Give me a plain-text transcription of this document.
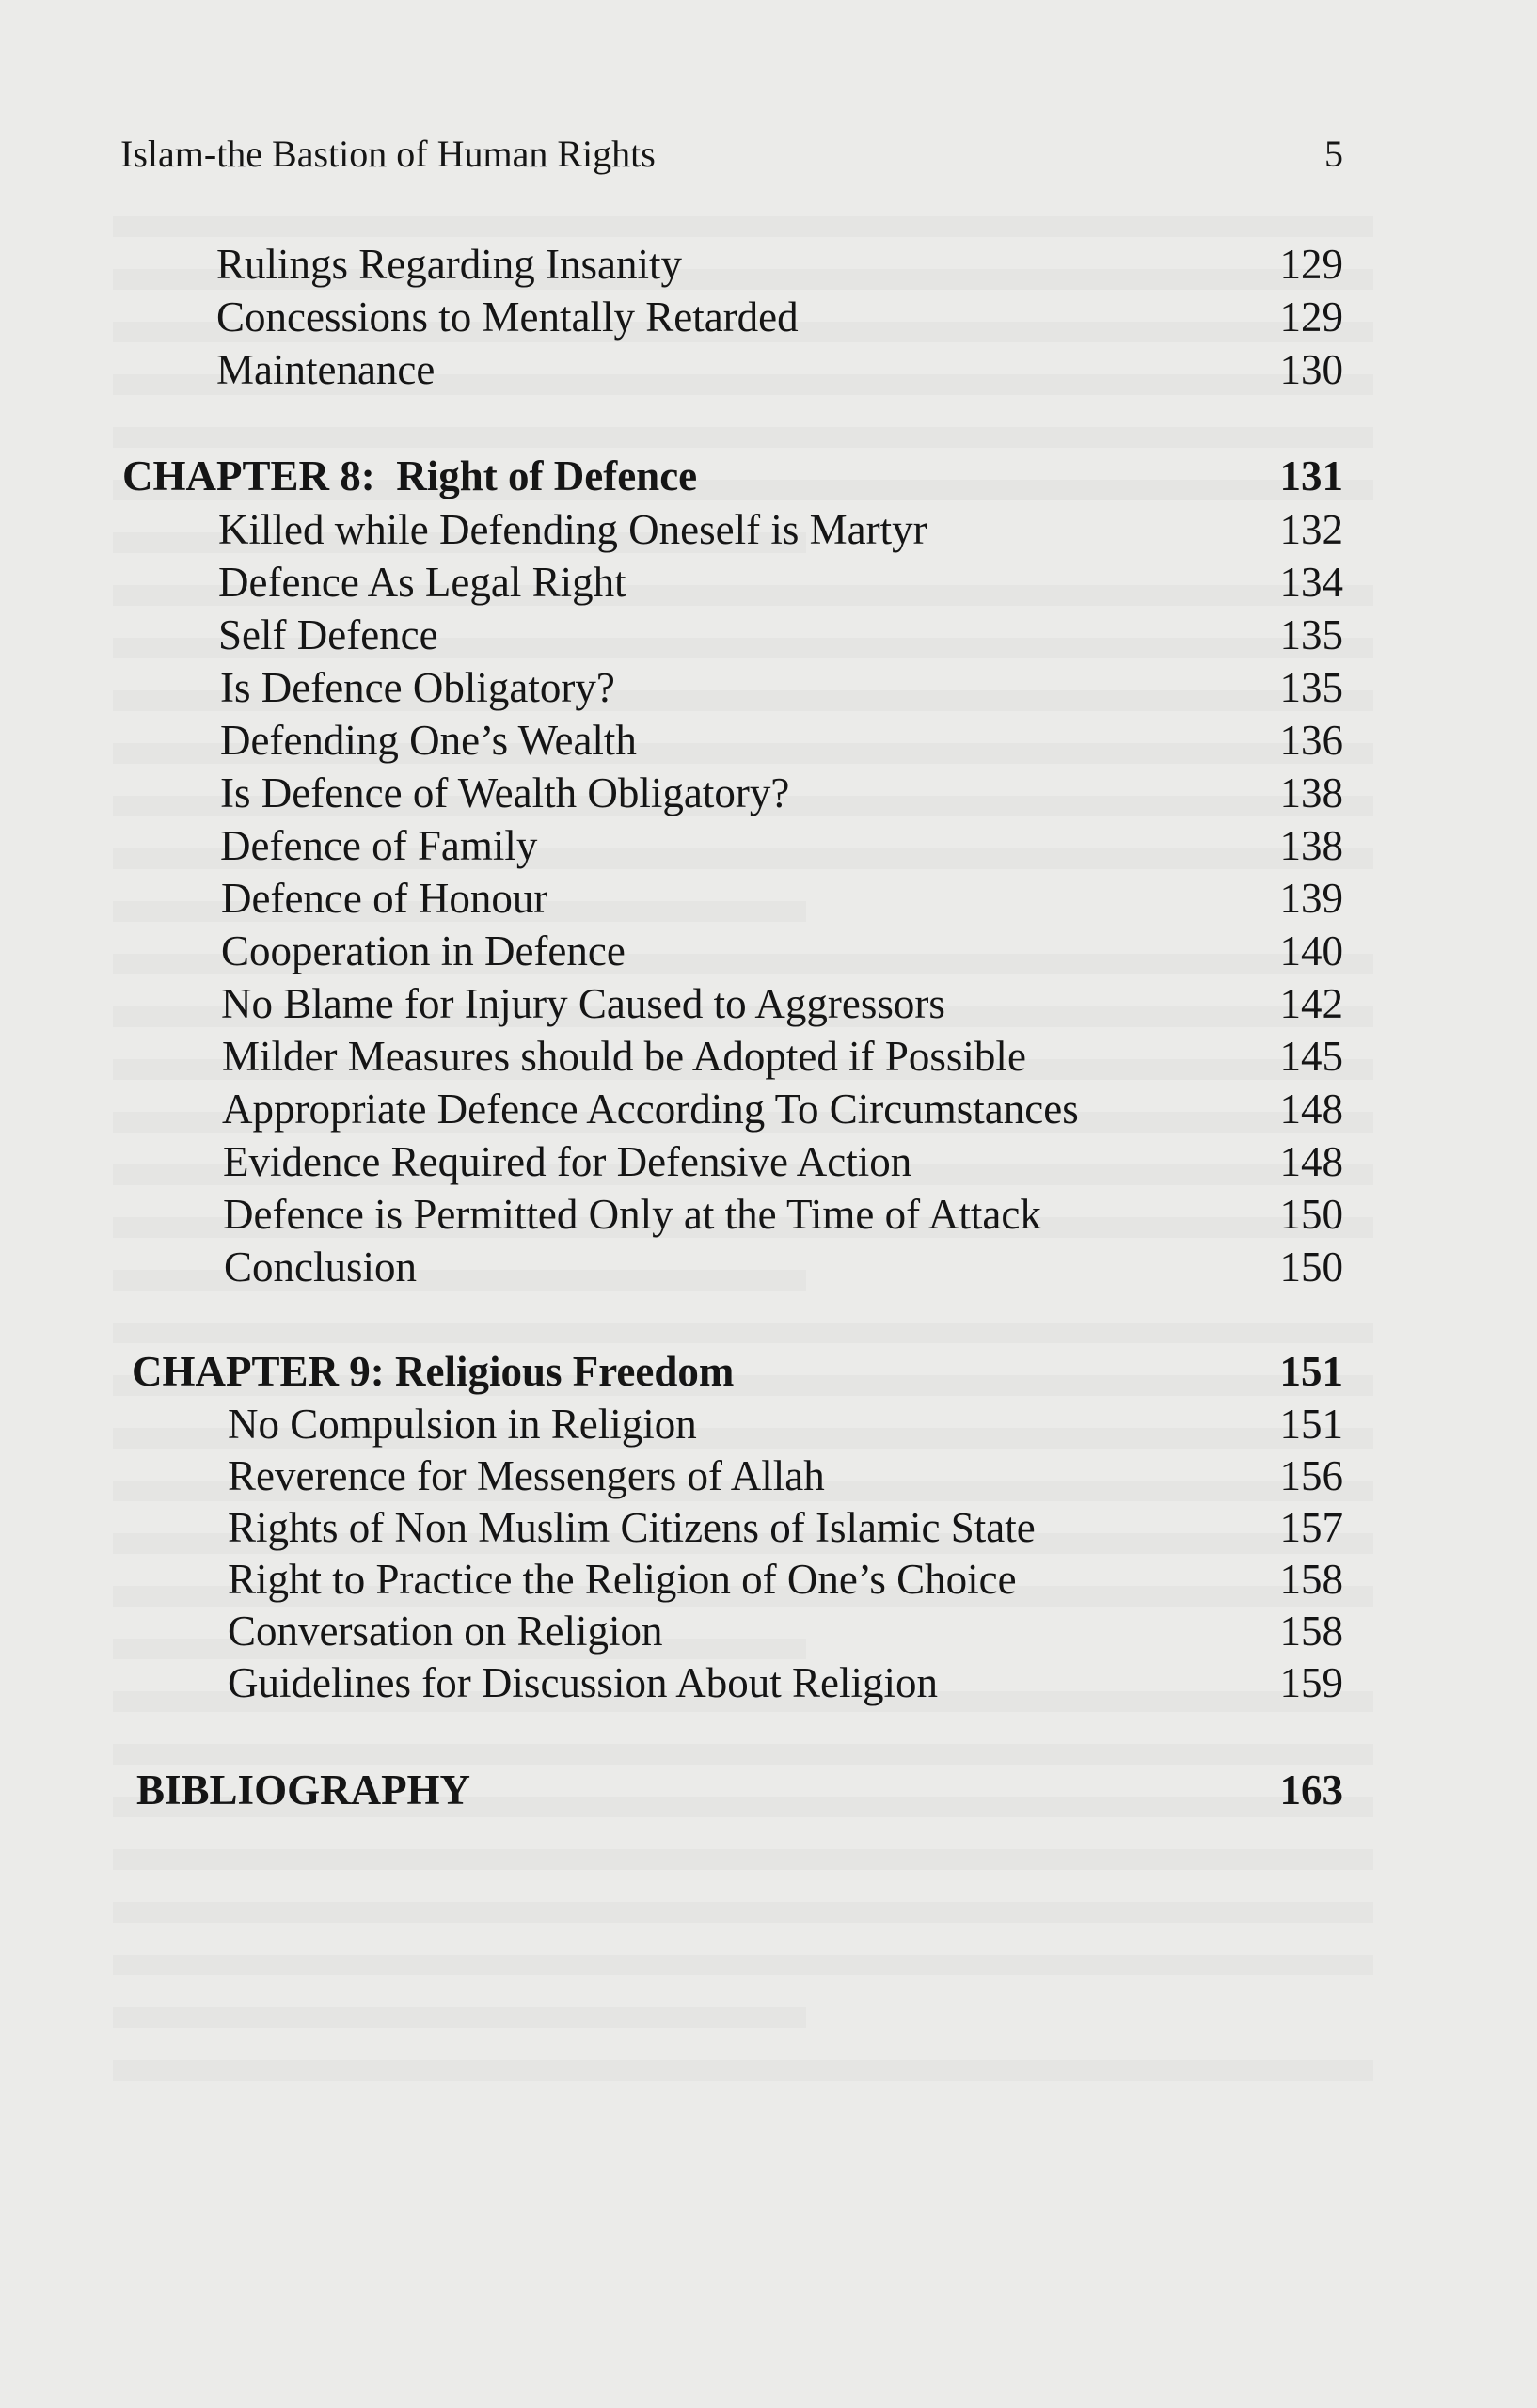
Islam-the Bastion of Human Rights	5
Rulings Regarding Insanity	129
Concessions to Mentally Retarded	129
Maintenance	130
CHAPTER 8: Right of Defence	131
Killed while Defending Oneself is Martyr	132
Defence As Legal Right	134
Self Defence	135
Is Defence Obligatory?	135
Defending One’s Wealth	136
Is Defence of Wealth Obligatory?	138
Defence of Family	138
Defence of Honour	139
Cooperation in Defence	140
No Blame for Injury Caused to Aggressors	142
Milder Measures should be Adopted if Possible	145
Appropriate Defence According To Circumstances	148
Evidence Required for Defensive Action	148
Defence is Permitted Only at the Time of Attack	150
Conclusion	150
CHAPTER 9: Religious Freedom	151
No Compulsion in Religion	151
Reverence for Messengers of Allah	156
Rights of Non Muslim Citizens of Islamic State	157
Right to Practice the Religion of One’s Choice	158
Conversation on Religion	158
Guidelines for Discussion About Religion	159
BIBLIOGRAPHY	163
